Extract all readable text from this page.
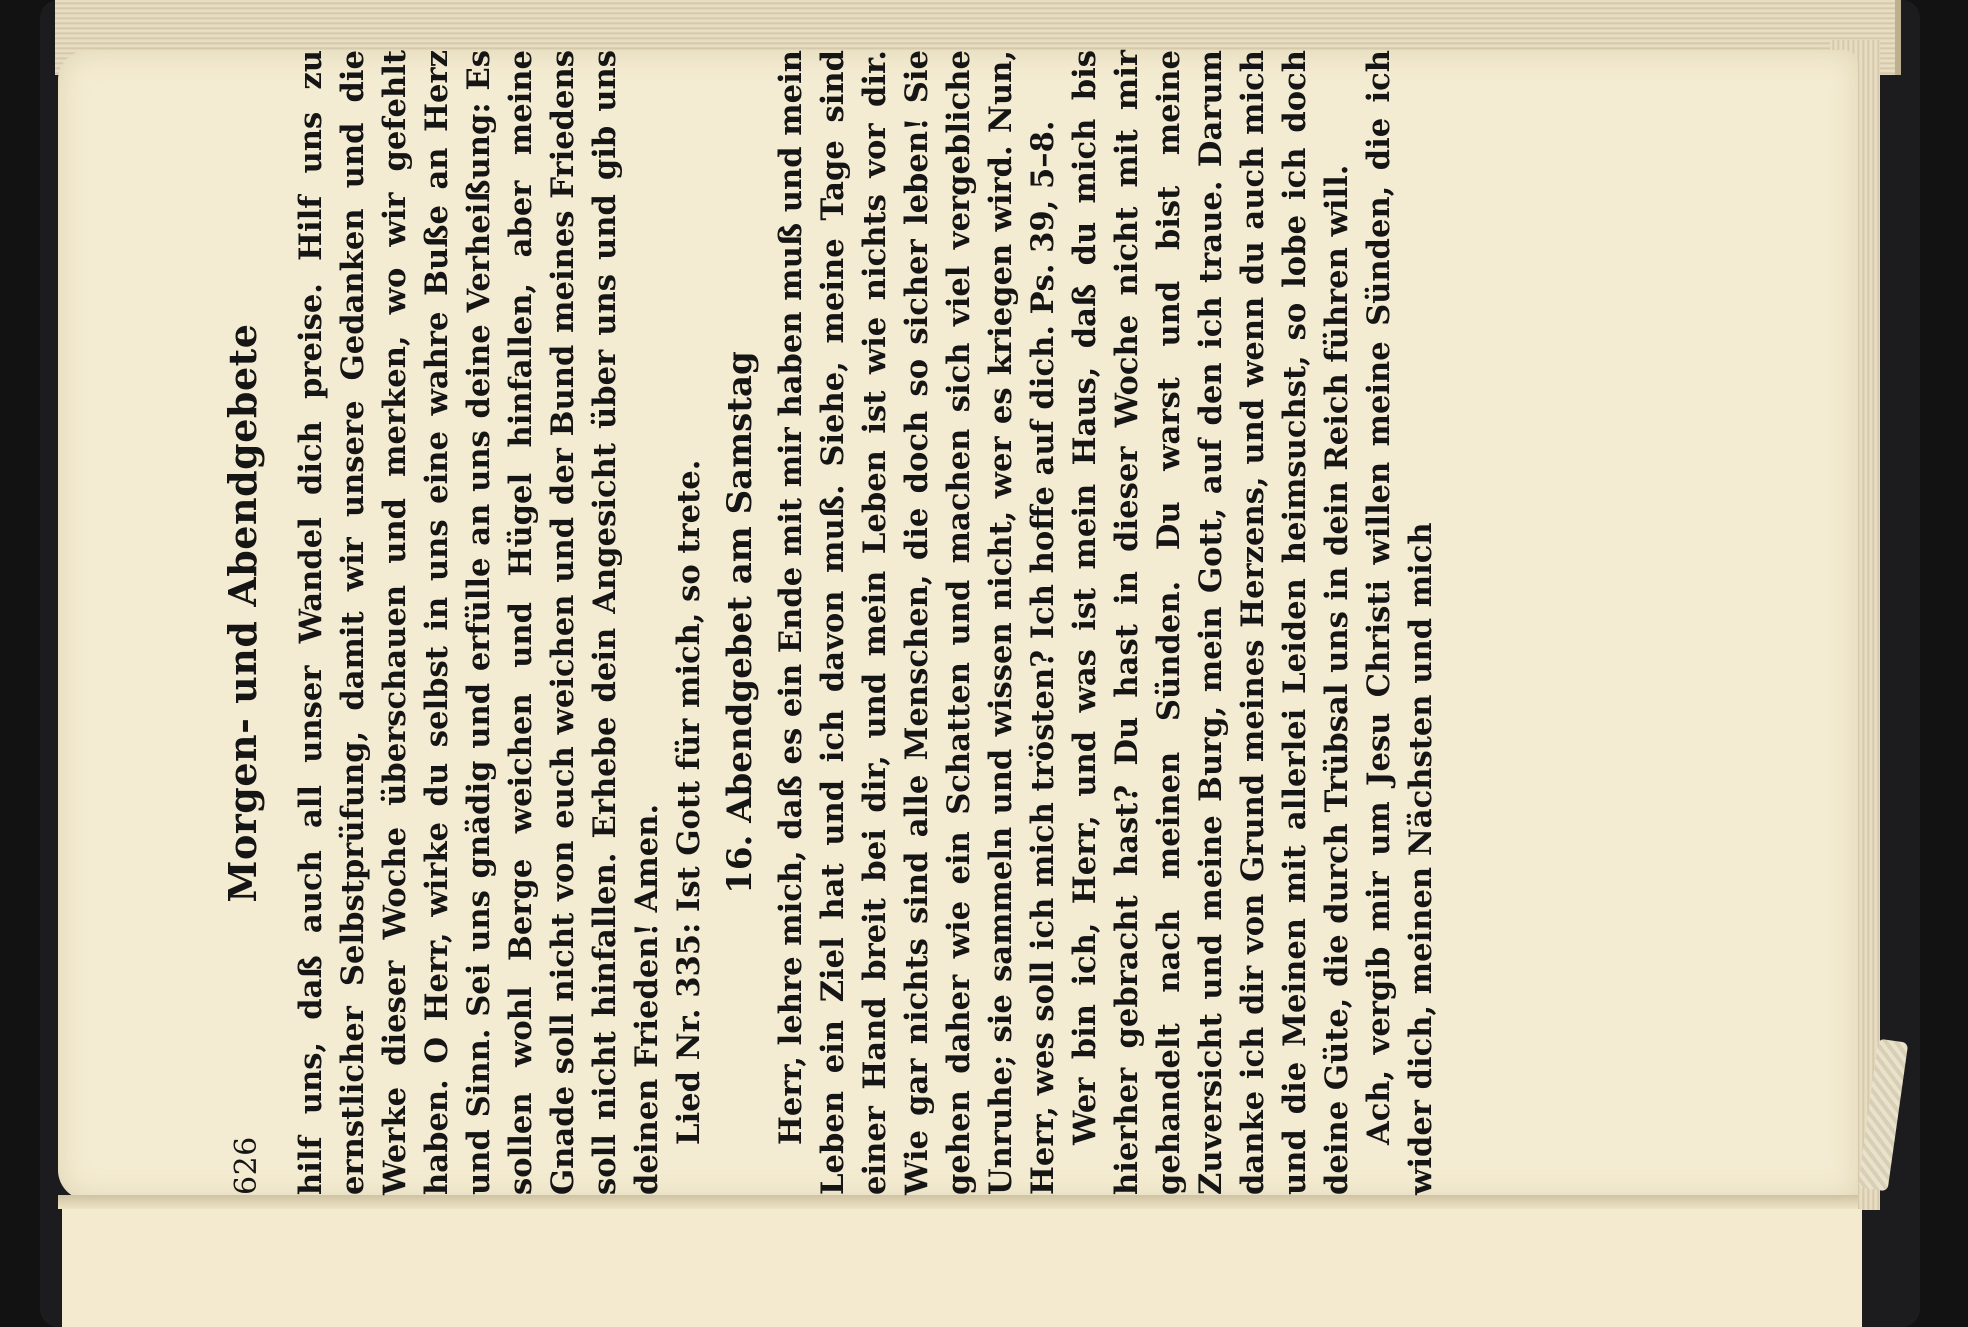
626
Morgen- und Abendgebete hilf uns, daß auch all unser Wandel dich preise. Hilf uns zu ernstlicher Selbstprüfung, damit wir unsere Gedanken und die Werke dieser Woche überschauen und merken, wo wir gefehlt haben. O Herr, wirke du selbst in uns eine wahre Buße an Herz und Sinn. Sei uns gnädig und erfülle an uns deine Verheißung: Es sollen wohl Berge weichen und Hügel hinfallen, aber meine Gnade soll nicht von euch weichen und der Bund meines Friedens soll nicht hinfallen. Erhebe dein Angesicht über uns und gib uns deinen Frieden! Amen. Lied Nr. 335: Ist Gott für mich, so trete. 16. Abendgebet am Samstag Herr, lehre mich, daß es ein Ende mit mir haben muß und mein Leben ein Ziel hat und ich davon muß. Siehe, meine Tage sind einer Hand breit bei dir, und mein Leben ist wie nichts vor dir. Wie gar nichts sind alle Menschen, die doch so sicher leben! Sie gehen daher wie ein Schatten und machen sich viel vergebliche Unruhe; sie sammeln und wissen nicht, wer es kriegen wird. Nun, Herr, wes soll ich mich trösten? Ich hoffe auf dich. Ps. 39, 5–8. Wer bin ich, Herr, und was ist mein Haus, daß du mich bis hierher gebracht hast? Du hast in dieser Woche nicht mit mir gehandelt nach meinen Sünden. Du warst und bist meine Zuversicht und meine Burg, mein Gott, auf den ich traue. Darum danke ich dir von Grund meines Herzens, und wenn du auch mich und die Meinen mit allerlei Leiden heimsuchst, so lobe ich doch deine Güte, die durch Trübsal uns in dein Reich führen will. Ach, vergib mir um Jesu Christi willen meine Sünden, die ich wider dich, meinen Nächsten und mich
